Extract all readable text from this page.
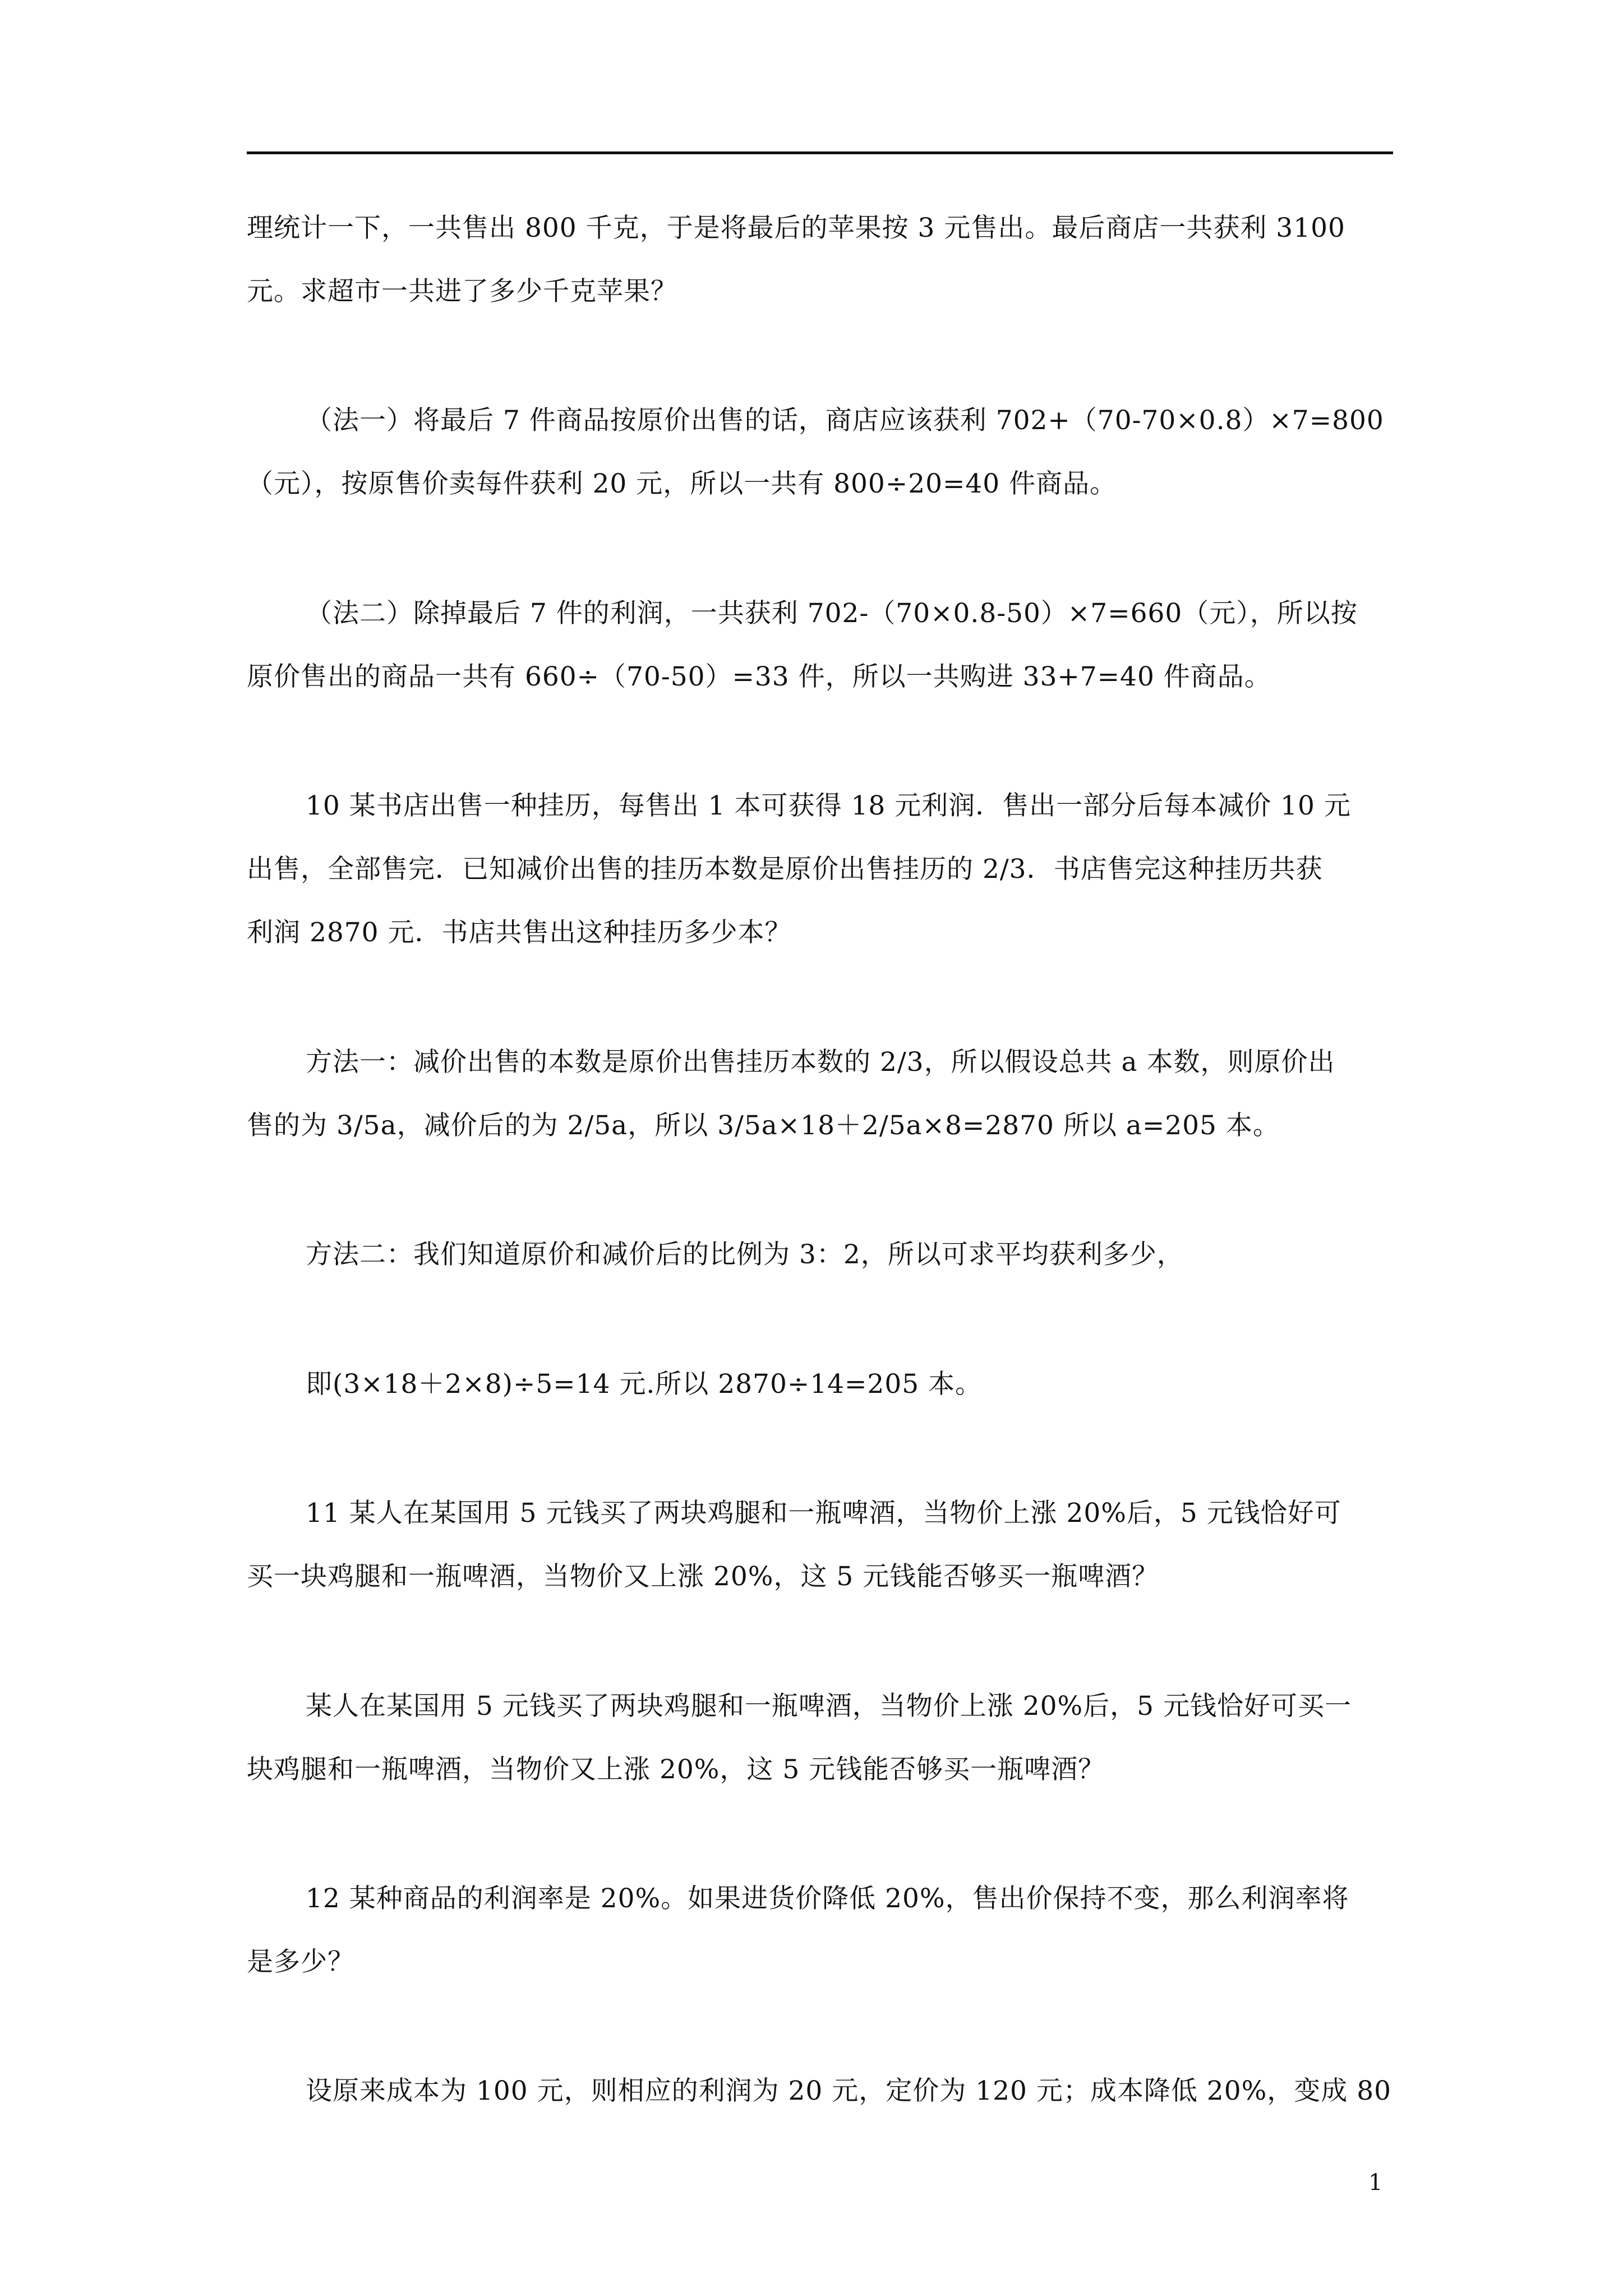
理统计一下，一共售出 800 千克，于是将最后的苹果按 3 元售出。最后商店一共获利 3100
元。求超市一共进了多少千克苹果？
（法一）将最后 7 件商品按原价出售的话，商店应该获利 702+（70-70×0.8）×7=800
（元），按原售价卖每件获利 20 元，所以一共有 800÷20=40 件商品。
（法二）除掉最后 7 件的利润，一共获利 702-（70×0.8-50）×7=660（元），所以按
原价售出的商品一共有 660÷（70-50）=33 件，所以一共购进 33+7=40 件商品。
10 某书店出售一种挂历，每售出 1 本可获得 18 元利润．售出一部分后每本减价 10 元
出售，全部售完．已知减价出售的挂历本数是原价出售挂历的 2/3．书店售完这种挂历共获
利润 2870 元．书店共售出这种挂历多少本？
方法一：减价出售的本数是原价出售挂历本数的 2/3，所以假设总共 a 本数，则原价出
售的为 3/5a，减价后的为 2/5a，所以 3/5a×18＋2/5a×8=2870 所以 a=205 本。
方法二：我们知道原价和减价后的比例为 3：2，所以可求平均获利多少，
即(3×18＋2×8)÷5=14 元.所以 2870÷14=205 本。
11 某人在某国用 5 元钱买了两块鸡腿和一瓶啤酒，当物价上涨 20%后，5 元钱恰好可
买一块鸡腿和一瓶啤酒，当物价又上涨 20%，这 5 元钱能否够买一瓶啤酒？
某人在某国用 5 元钱买了两块鸡腿和一瓶啤酒，当物价上涨 20%后，5 元钱恰好可买一
块鸡腿和一瓶啤酒，当物价又上涨 20%，这 5 元钱能否够买一瓶啤酒？
12 某种商品的利润率是 20%。如果进货价降低 20%，售出价保持不变，那么利润率将
是多少？
设原来成本为 100 元，则相应的利润为 20 元，定价为 120 元；成本降低 20%，变成 80
1
